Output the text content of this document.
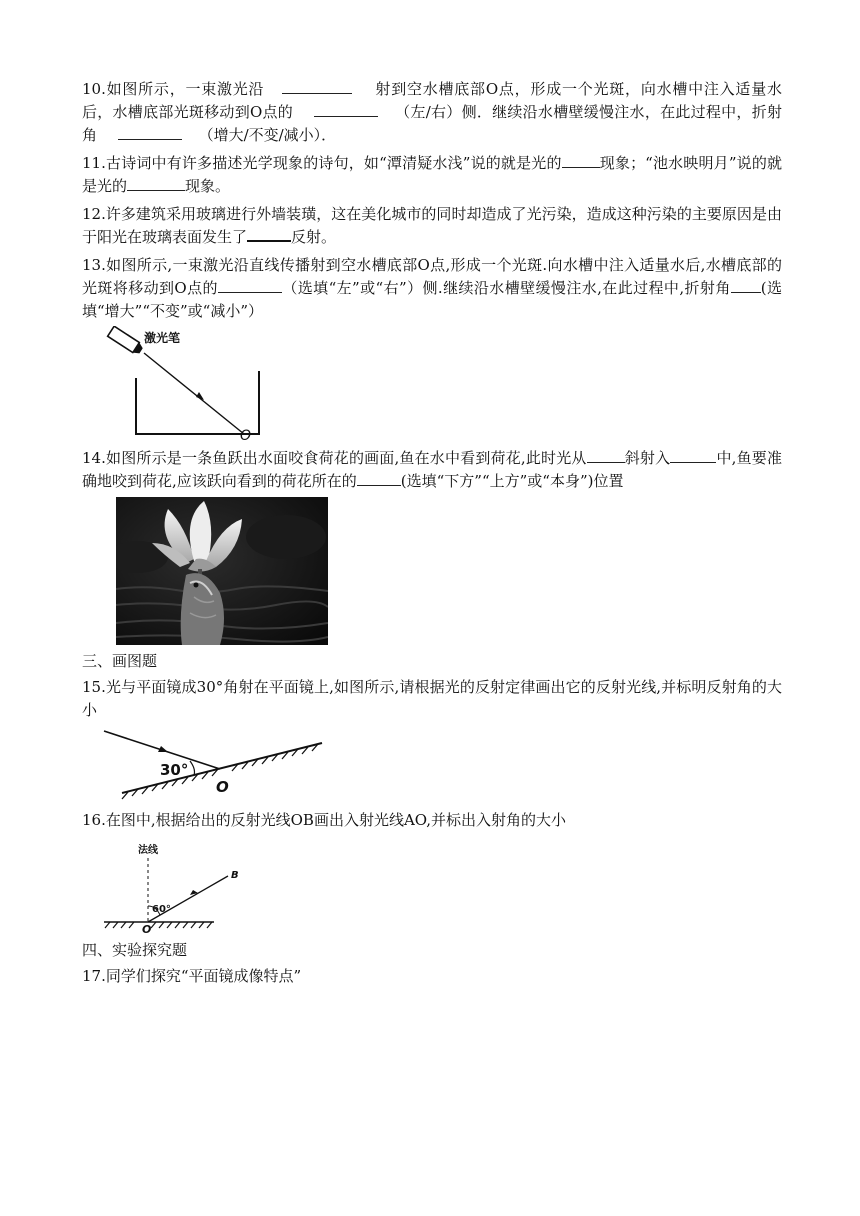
10.如图所示，一束激光沿	射到空水槽底部O点，形成一个光斑，向水槽中注入适量水后，水槽底部光斑移动到O点的	（左/右）侧．继续沿水槽壁缓慢注水，在此过程中，折射角	（增大/不变/减小）．

11.古诗词中有许多描述光学现象的诗句，如“潭清疑水浅”说的就是光的	现象；“池水映明月”说的就是光的	现象。

12.许多建筑采用玻璃进行外墙装璜，这在美化城市的同时却造成了光污染，造成这种污染的主要原因是由于阳光在玻璃表面发生了	反射。

13.如图所示,一束激光沿直线传播射到空水槽底部O点,形成一个光斑.向水槽中注入适量水后,水槽底部的光斑将移动到O点的	（选填“左”或“右”）侧.继续沿水槽壁缓慢注水,在此过程中,折射角 (选填“增大”“不变”或“减小”）

激光笔
O

14.如图所示是一条鱼跃出水面咬食荷花的画面,鱼在水中看到荷花,此时光从	斜射入	中,鱼要准确地咬到荷花,应该跃向看到的荷花所在的	(选填“下方”“上方”或“本身”)位置

三、画图题

15.光与平面镜成30°角射在平面镜上,如图所示,请根据光的反射定律画出它的反射光线,并标明反射角的大小

30°
O

16.在图中,根据给出的反射光线OB画出入射光线AO,并标出入射角的大小

法线
B
60°
O

四、实验探究题

17.同学们探究“平面镜成像特点”
